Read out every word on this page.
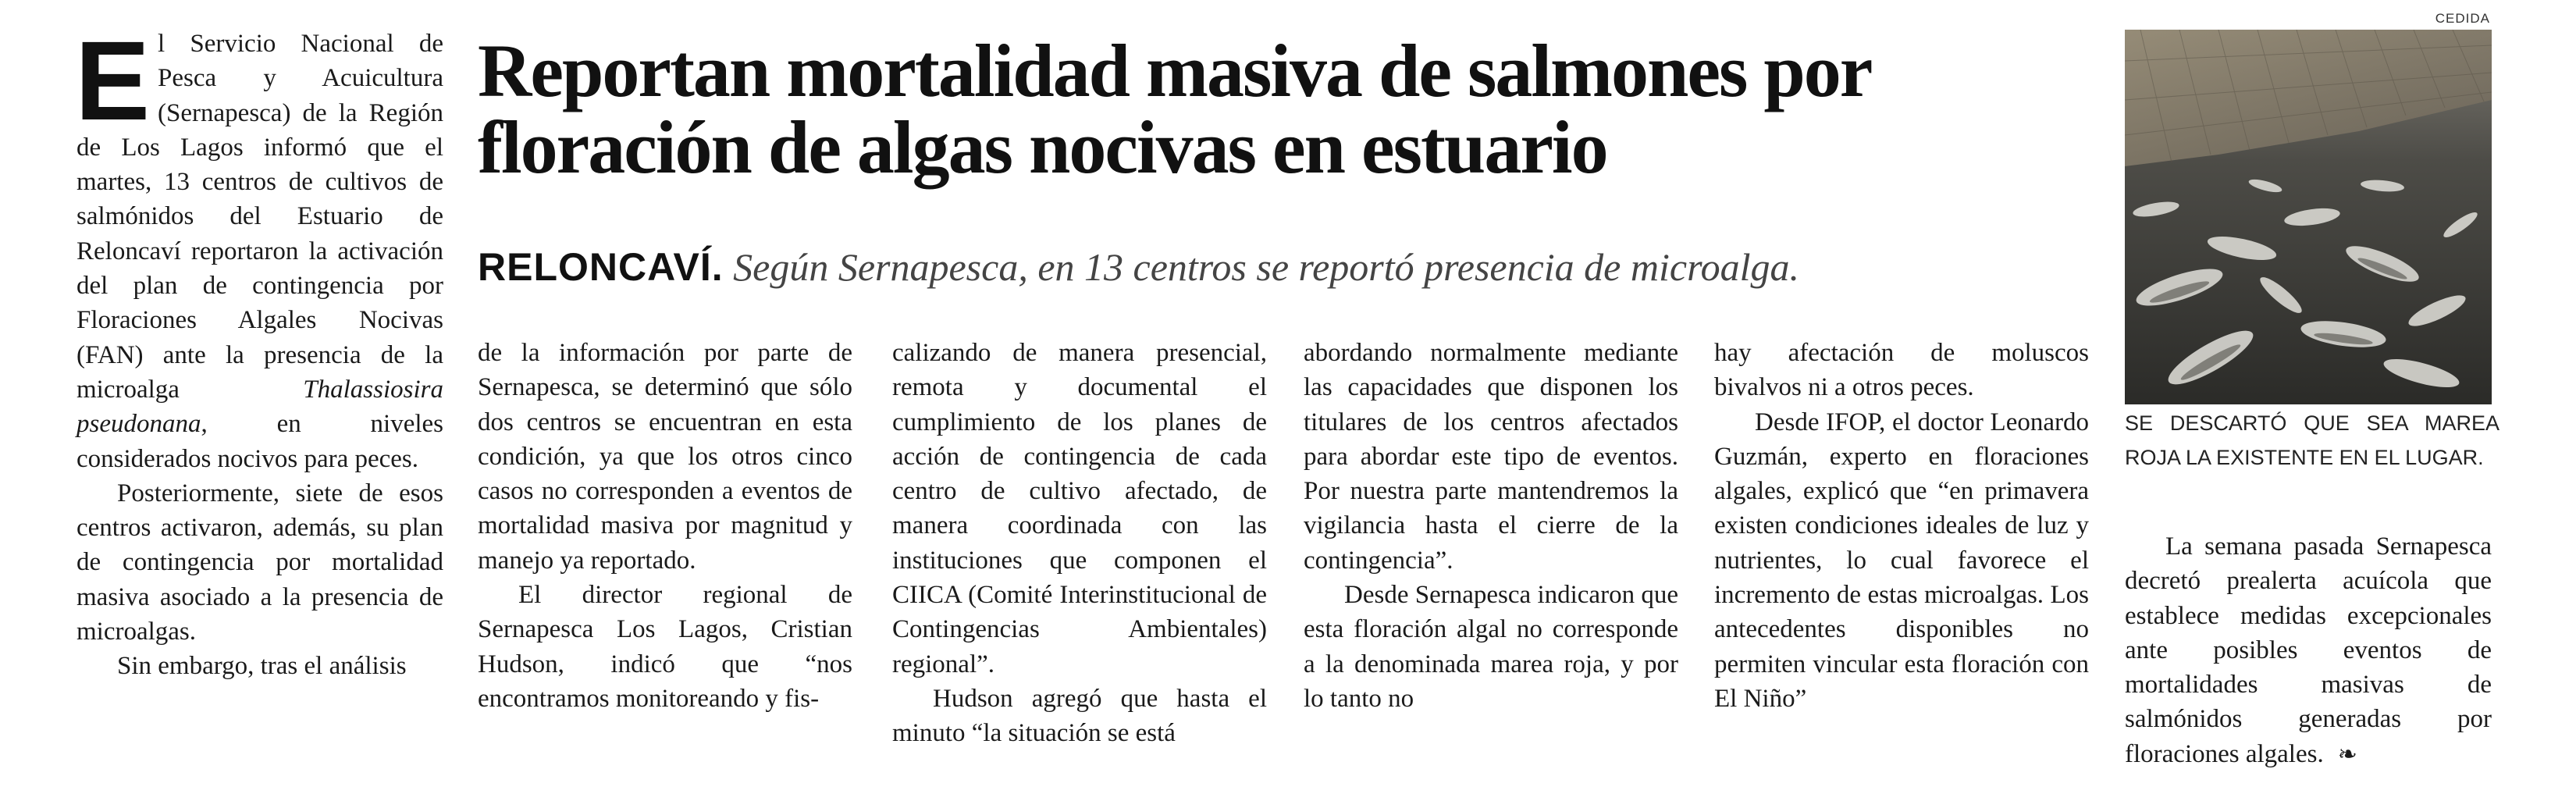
El Servicio Nacional de Pesca y Acuicultura (Sernapesca) de la Región de Los Lagos informó que el martes, 13 centros de cultivos de salmónidos del Estuario de Reloncaví reportaron la activación del plan de contingencia por Floraciones Algales Nocivas (FAN) ante la presencia de la microalga Thalassiosira pseudonana, en niveles considerados nocivos para peces.

Posteriormente, siete de esos centros activaron, además, su plan de contingencia por mortalidad masiva asociado a la presencia de microalgas.

Sin embargo, tras el análisis

Reportan mortalidad masiva de salmones por floración de algas nocivas en estuario
RELONCAVÍ. Según Sernapesca, en 13 centros se reportó presencia de microalga.

de la información por parte de Sernapesca, se determinó que sólo dos centros se encuentran en esta condición, ya que los otros cinco casos no corresponden a eventos de mortalidad masiva por magnitud y manejo ya reportado.

El director regional de Sernapesca Los Lagos, Cristian Hudson, indicó que “nos encontramos monitoreando y fis-

calizando de manera presencial, remota y documental el cumplimiento de los planes de acción de contingencia de cada centro de cultivo afectado, de manera coordinada con las instituciones que componen el CIICA (Comité Interinstitucional de Contingencias Ambientales) regional”.

Hudson agregó que hasta el minuto “la situación se está

abordando normalmente mediante las capacidades que disponen los titulares de los centros afectados para abordar este tipo de eventos. Por nuestra parte mantendremos la vigilancia hasta el cierre de la contingencia”.

Desde Sernapesca indicaron que esta floración algal no corresponde a la denominada marea roja, y por lo tanto no

hay afectación de moluscos bivalvos ni a otros peces.

Desde IFOP, el doctor Leonardo Guzmán, experto en floraciones algales, explicó que “en primavera existen condiciones ideales de luz y nutrientes, lo cual favorece el incremento de estas microalgas. Los antecedentes disponibles no permiten vincular esta floración con El Niño”

CEDIDA
SE DESCARTÓ QUE SEA MAREA ROJA LA EXISTENTE EN EL LUGAR.

La semana pasada Sernapesca decretó prealerta acuícola que establece medidas excepcionales ante posibles eventos de mortalidades masivas de salmónidos generadas por floraciones algales. ❧
